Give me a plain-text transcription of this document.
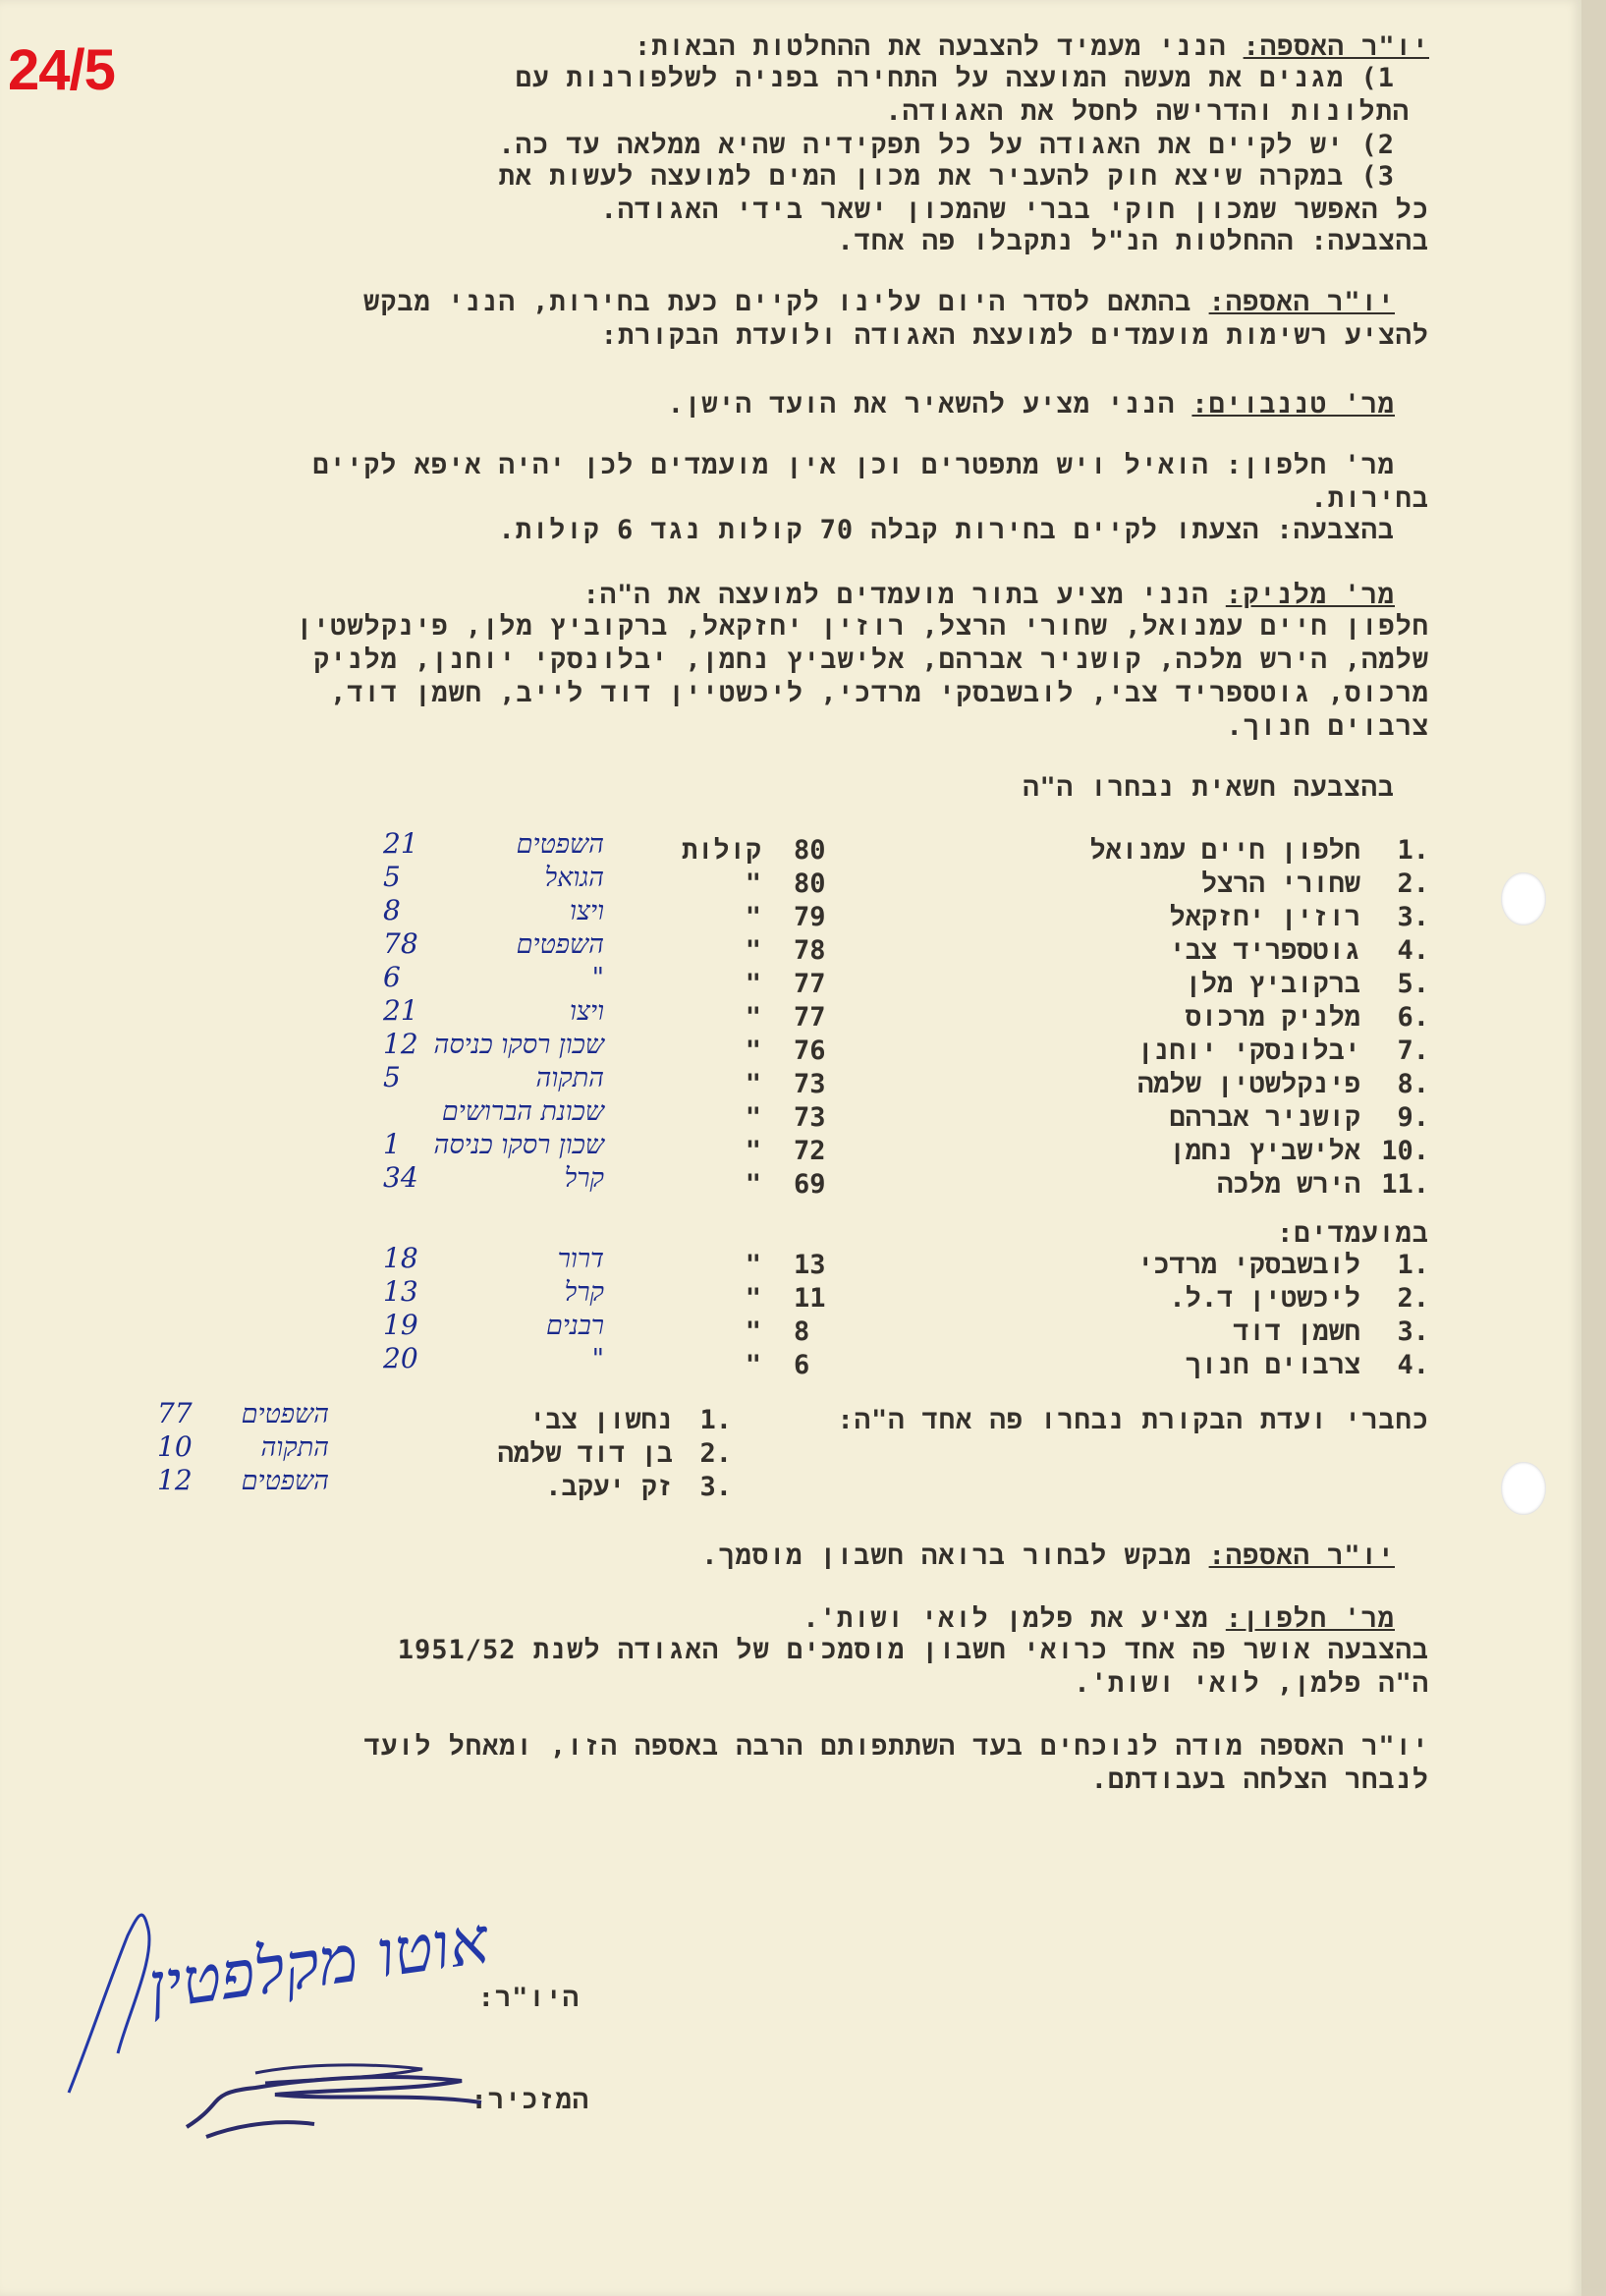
24/5	יו"ר האספה: הנני מעמיד להצבעה את ההחלטות הבאות:
1) מגנים את מעשה המועצה על התחירה בפניה לשלפורנות עם
התלונות והדרישה לחסל את האגודה.
2) יש לקיים את האגודה על כל תפקידיה שהיא ממלאה עד כה.
3) במקרה שיצא חוק להעביר את מכון המים למועצה לעשות את
כל האפשר שמכון חוקי בברי שהמכון ישאר בידי האגודה.
בהצבעה: ההחלטות הנ"ל נתקבלו פה אחד.
יו"ר האספה: בהתאם לסדר היום עלינו לקיים כעת בחירות, הנני מבקש
להציע רשימות מועמדים למועצת האגודה ולועדת הבקורת:
מר' טננבוים: הנני מציע להשאיר את הועד הישן.
מר' חלפון: הואיל ויש מתפטרים וכן אין מועמדים לכן יהיה איפא לקיים
בחירות.
בהצבעה: הצעתו לקיים בחירות קבלה 70 קולות נגד 6 קולות.
מר' מלניק: הנני מציע בתור מועמדים למועצה את ה"ה:
חלפון חיים עמנואל, שחורי הרצל, רוזין יחזקאל, ברקוביץ מלן, פינקלשטין
שלמה, הירש מלכה, קושניר אברהם, אלישביץ נחמן, יבלונסקי יוחנן, מלניק
מרכוס, גוטספריד צבי, לובשבסקי מרדכי, ליכשטיין דוד לייב, חשמן דוד,
צרבוים חנוך.
בהצבעה חשאית נבחרו ה"ה
1.
חלפון חיים עמנואל
80
קולות
השפטים
21
2.
שחורי הרצל
80
"
הגואל
5
3.
רוזין יחזקאל
79
"
ויצו
8
4.
גוטספריד צבי
78
"
השפטים
78
5.
ברקוביץ מלן
77
"
"
6
6.
מלניק מרכוס
77
"
ויצו
21
7.
יבלונסקי יוחנן
76
"
שכון רסקו כניסה
12
8.
פינקלשטין שלמה
73
"
התקוה
5
9.
קושניר אברהם
73
"
שכונת הברושים
10.
אלישביץ נחמן
72
"
שכון רסקו כניסה
1
11.
הירש מלכה
69
"
קרל
34
במועמדים:
1.
לובשבסקי מרדכי
13
"
דרור
18
2.
ליכשטין ד.ל.
11
"
קרל
13
3.
חשמן דוד
8
"
רבנים
19
4.
צרבוים חנוך
6
"
"
20
כחברי ועדת הבקורת נבחרו פה אחד ה"ה:
1.
נחשון צבי
השפטים
77
2.
בן דוד שלמה
התקוה
10
3.
זק יעקב.
השפטים
12
יו"ר האספה: מבקש לבחור ברואה חשבון מוסמך.
מר' חלפון: מציע את פלמן לואי ושות'.
בהצבעה אושר פה אחד כרואי חשבון מוסמכים של האגודה לשנת 1951/52
ה"ה פלמן, לואי ושות'.
יו"ר האספה מודה לנוכחים בעד השתתפותם הרבה באספה הזו, ומאחל לועד
לנבחר הצלחה בעבודתם.
היו"ר:
אוטו מקלפטין
המזכיר:
